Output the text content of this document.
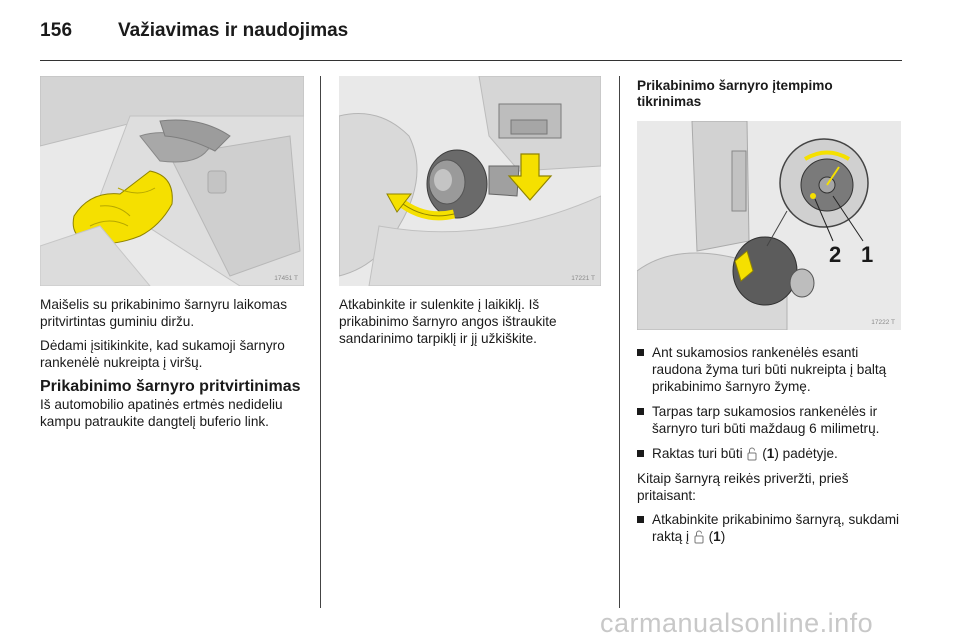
156 Važiavimas ir naudojimas
17451 T	17221 T
2 1
17222 T

Maišelis su prikabinimo šarnyru laikomas pritvirtintas guminiu diržu.

Dėdami įsitikinkite, kad sukamoji šarnyro rankenėlė nukreipta į viršų.

Prikabinimo šarnyro pritvirtinimas

Iš automobilio apatinės ertmės nedideliu kampu patraukite dangtelį buferio link.

Atkabinkite ir sulenkite į laikiklį. Iš prikabinimo šarnyro angos ištraukite sandarinimo tarpiklį ir jį užkiškite.

Prikabinimo šarnyro įtempimo tikrinimas
Ant sukamosios rankenėlės esanti raudona žyma turi būti nukreipta į baltą prikabinimo šarnyro žymę.
Tarpas tarp sukamosios rankenėlės ir šarnyro turi būti maždaug 6 milimetrų.
Raktas turi būti  (1) padėtyje.

Kitaip šarnyrą reikės priveržti, prieš pritaisant:

Atkabinkite prikabinimo šarnyrą, sukdami raktą į  (1)
carmanualsonline.info
